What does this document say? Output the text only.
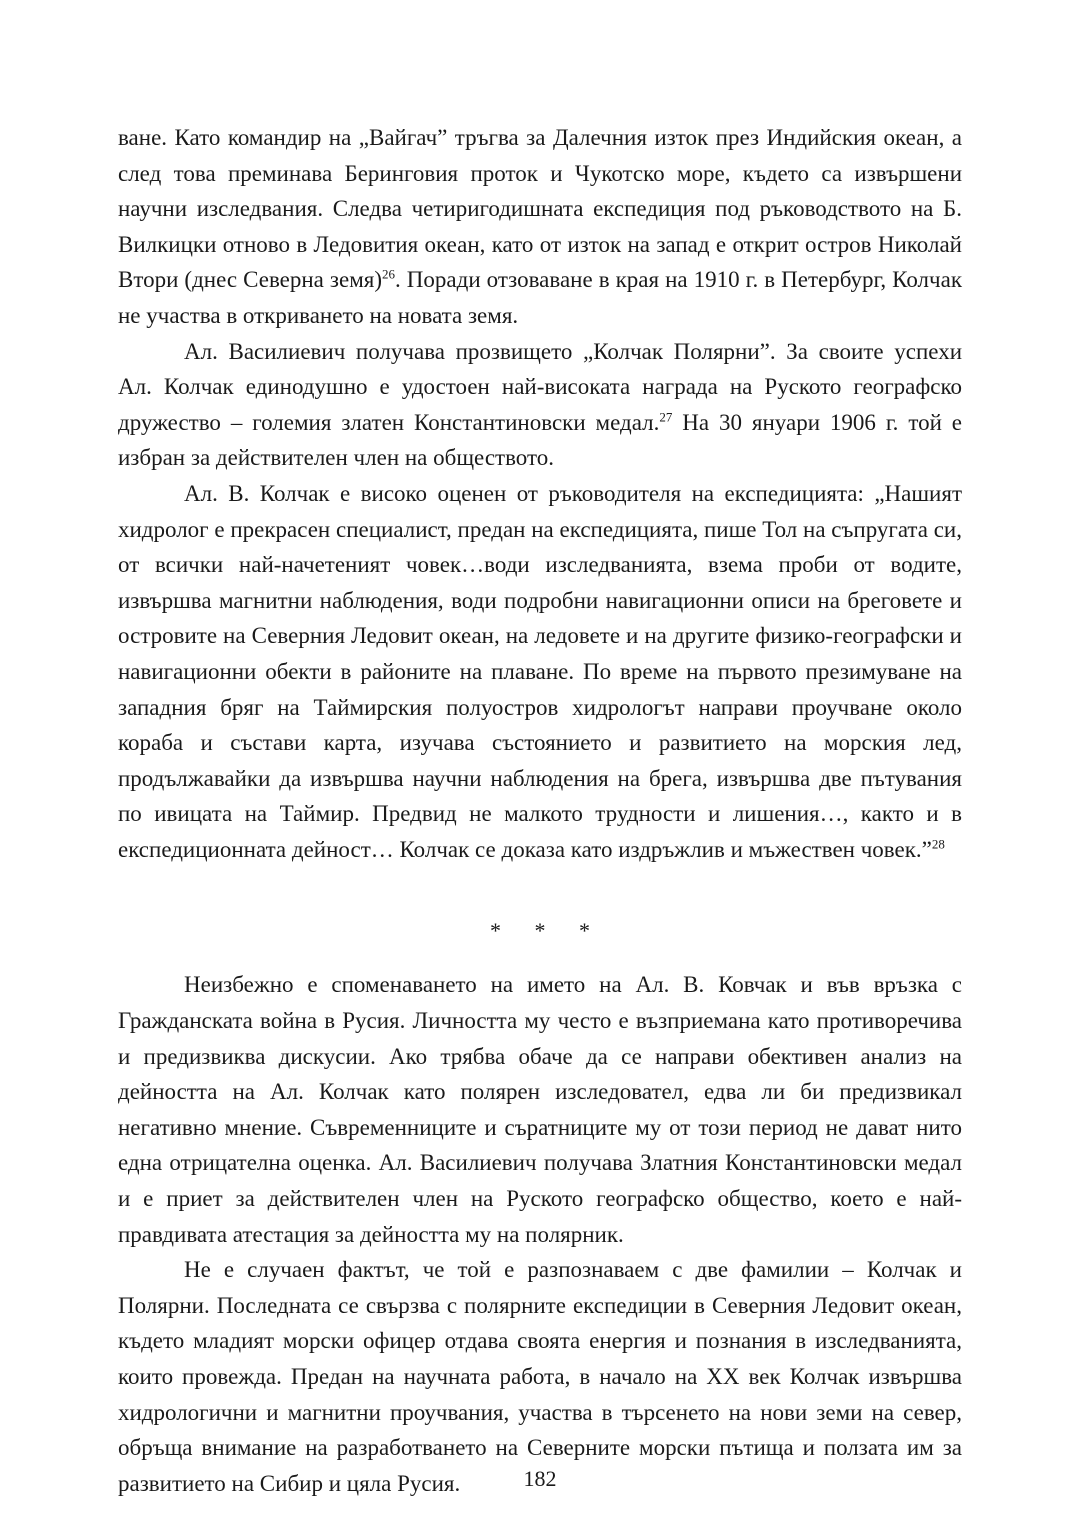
ване. Като командир на „Вайгач” тръгва за Далечния изток през Индийския океан, а след това преминава Беринговия проток и Чукотско море, където са извършени научни изследвания. Следва четиригодишната експедиция под ръководството на Б. Вилкицки отново в Ледовития океан, като от изток на запад е открит остров Николай Втори (днес Северна земя)$^{26}$. Поради отзоваване в края на 1910 г. в Петербург, Колчак не участва в откриването на новата земя.

Ал. Василиевич получава прозвището „Колчак Полярни”. За своите успехи Ал. Колчак единодушно е удостоен най-високата награда на Руското географско дружество – големия златен Константиновски медал.$^{27}$ На 30 януари 1906 г. той е избран за действителен член на обществото.

Ал. В. Колчак е високо оценен от ръководителя на експедицията: „Нашият хидролог е прекрасен специалист, предан на експедицията, пише Тол на съпругата си, от всички най-начетеният човек…води изследванията, взема проби от водите, извършва магнитни наблюдения, води подробни навигационни описи на бреговете и островите на Северния Ледовит океан, на ледовете и на другите физико-географски и навигационни обекти в районите на плаване. По време на първото презимуване на западния бряг на Таймирския полуостров хидрологът направи проучване около кораба и състави карта, изучава състоянието и развитието на морския лед, продължавайки да извършва научни наблюдения на брега, извършва две пътувания по ивицата на Таймир. Предвид не малкото трудности и лишения…, както и в експедиционната дейност… Колчак се доказа като издръжлив и мъжествен човек.”$^{28}$

* * *

Неизбежно е споменаването на името на Ал. В. Ковчак и във връзка с Гражданската война в Русия. Личността му често е възприемана като противоречива и предизвиква дискусии. Ако трябва обаче да се направи обективен анализ на дейността на Ал. Колчак като полярен изследовател, едва ли би предизвикал негативно мнение. Съвременниците и съратниците му от този период не дават нито една отрицателна оценка. Ал. Василиевич получава Златния Константиновски медал и е приет за действителен член на Руското географско общество, което е най-правдивата атестация за дейността му на полярник.

Не е случаен фактът, че той е разпознаваем с две фамилии – Колчак и Полярни. Последната се свързва с полярните експедиции в Северния Ледовит океан, където младият морски офицер отдава своята енергия и познания в изследванията, които провежда. Предан на научната работа, в начало на ХХ век Колчак извършва хидрологични и магнитни проучвания, участва в търсенето на нови земи на север, обръща внимание на разработването на Северните морски пътища и ползата им за развитието на Сибир и цяла Русия.	182
